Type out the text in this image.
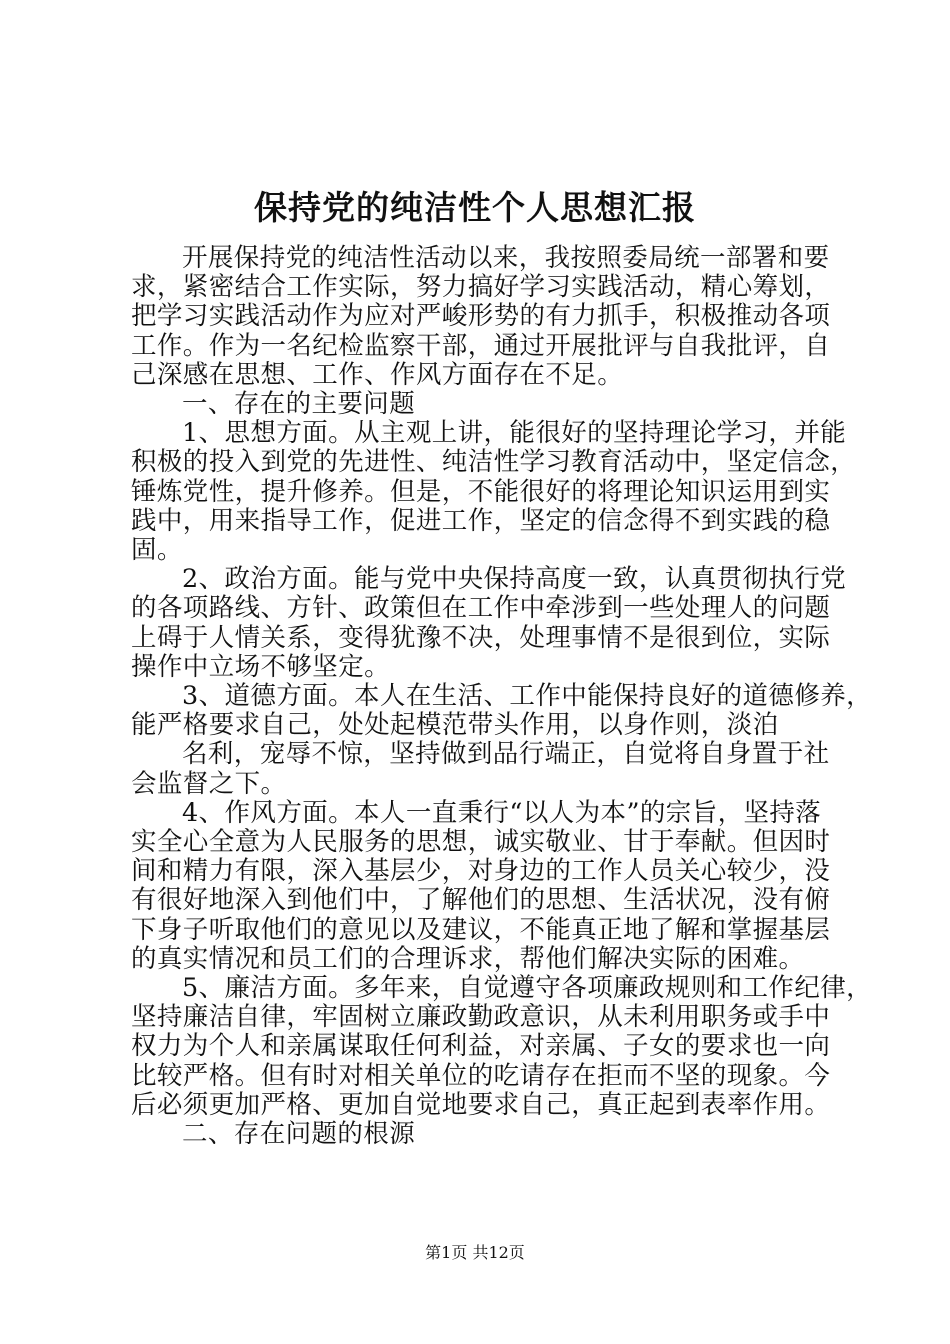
保持党的纯洁性个人思想汇报

开展保持党的纯洁性活动以来，我按照委局统一部署和要

求，紧密结合工作实际，努力搞好学习实践活动，精心筹划，

把学习实践活动作为应对严峻形势的有力抓手，积极推动各项

工作。作为一名纪检监察干部，通过开展批评与自我批评，自

己深感在思想、工作、作风方面存在不足。

一、存在的主要问题

1、思想方面。从主观上讲，能很好的坚持理论学习，并能

积极的投入到党的先进性、纯洁性学习教育活动中，坚定信念，

锤炼党性，提升修养。但是，不能很好的将理论知识运用到实

践中，用来指导工作，促进工作，坚定的信念得不到实践的稳

固。

2、政治方面。能与党中央保持高度一致，认真贯彻执行党

的各项路线、方针、政策但在工作中牵涉到一些处理人的问题

上碍于人情关系，变得犹豫不决，处理事情不是很到位，实际

操作中立场不够坚定。

3、道德方面。本人在生活、工作中能保持良好的道德修养，

能严格要求自己，处处起模范带头作用，以身作则，淡泊

名利，宠辱不惊，坚持做到品行端正，自觉将自身置于社

会监督之下。

4、作风方面。本人一直秉行“以人为本”的宗旨，坚持落

实全心全意为人民服务的思想，诚实敬业、甘于奉献。但因时

间和精力有限，深入基层少，对身边的工作人员关心较少，没

有很好地深入到他们中，了解他们的思想、生活状况，没有俯

下身子听取他们的意见以及建议，不能真正地了解和掌握基层

的真实情况和员工们的合理诉求，帮他们解决实际的困难。

5、廉洁方面。多年来，自觉遵守各项廉政规则和工作纪律，

坚持廉洁自律，牢固树立廉政勤政意识，从未利用职务或手中

权力为个人和亲属谋取任何利益，对亲属、子女的要求也一向

比较严格。但有时对相关单位的吃请存在拒而不坚的现象。今

后必须更加严格、更加自觉地要求自己，真正起到表率作用。

二、存在问题的根源

第1页 共12页
